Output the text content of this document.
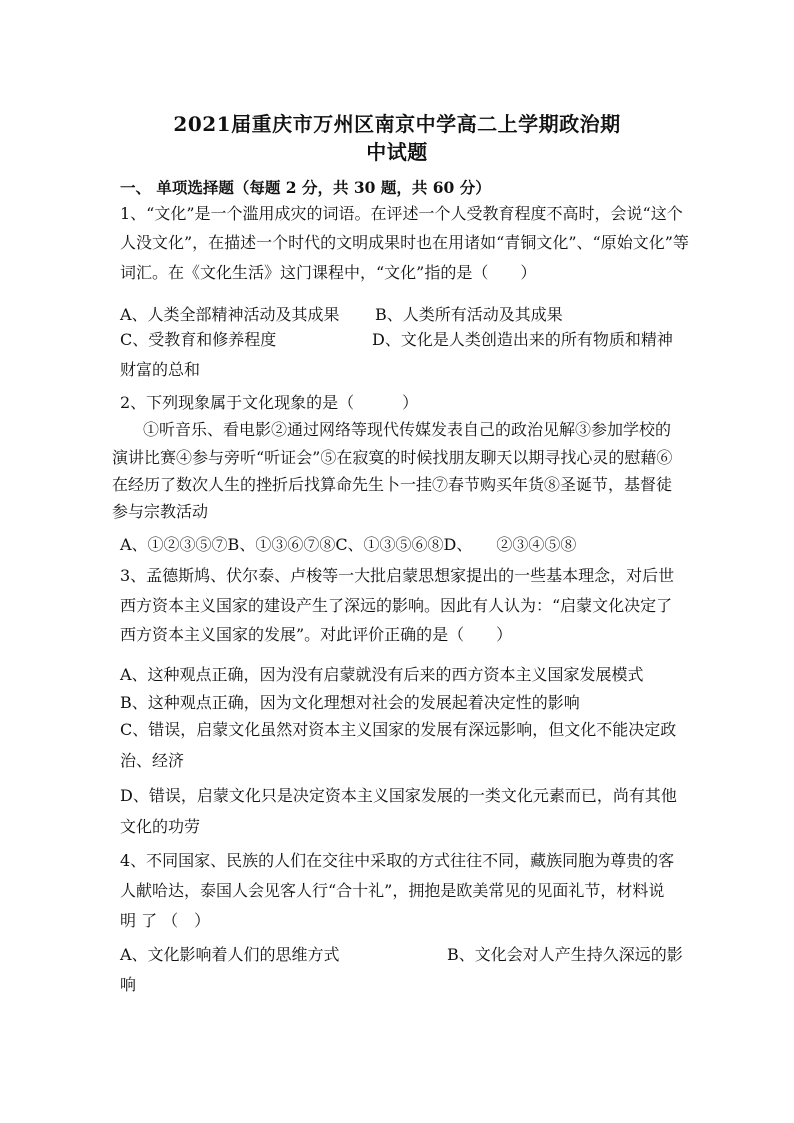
2021届重庆市万州区南京中学高二上学期政治期
中试题
一、 单项选择题（每题 2 分，共 30 题，共 60 分）
1、“文化”是一个滥用成灾的词语。在评述一个人受教育程度不高时，会说“这个
人没文化”，在描述一个时代的文明成果时也在用诸如“青铜文化”、“原始文化”等
词汇。在《文化生活》这门课程中，“文化”指的是（　　）
A、人类全部精神活动及其成果 B、人类所有活动及其成果
C、受教育和修养程度	D、文化是人类创造出来的所有物质和精神
财富的总和
2、下列现象属于文化现象的是（　　　）
①听音乐、看电影②通过网络等现代传媒发表自己的政治见解③参加学校的
演讲比赛④参与旁听“听证会”⑤在寂寞的时候找朋友聊天以期寻找心灵的慰藉⑥
在经历了数次人生的挫折后找算命先生卜一挂⑦春节购买年货⑧圣诞节，基督徒
参与宗教活动
A、①②③⑤⑦B、①③⑥⑦⑧C、①③⑤⑥⑧D、　　②③④⑤⑧
3、孟德斯鸠、伏尔泰、卢梭等一大批启蒙思想家提出的一些基本理念，对后世
西方资本主义国家的建设产生了深远的影响。因此有人认为：“启蒙文化决定了
西方资本主义国家的发展”。对此评价正确的是（　　）
A、这种观点正确，因为没有启蒙就没有后来的西方资本主义国家发展模式
B、这种观点正确，因为文化理想对社会的发展起着决定性的影响
C、错误，启蒙文化虽然对资本主义国家的发展有深远影响，但文化不能决定政
治、经济
D、错误，启蒙文化只是决定资本主义国家发展的一类文化元素而已，尚有其他
文化的功劳
4、不同国家、民族的人们在交往中采取的方式往往不同，藏族同胞为尊贵的客
人献哈达，泰国人会见客人行“合十礼”，拥抱是欧美常见的见面礼节，材料说
明 了 （　）
A、文化影响着人们的思维方式	B、文化会对人产生持久深远的影
响
